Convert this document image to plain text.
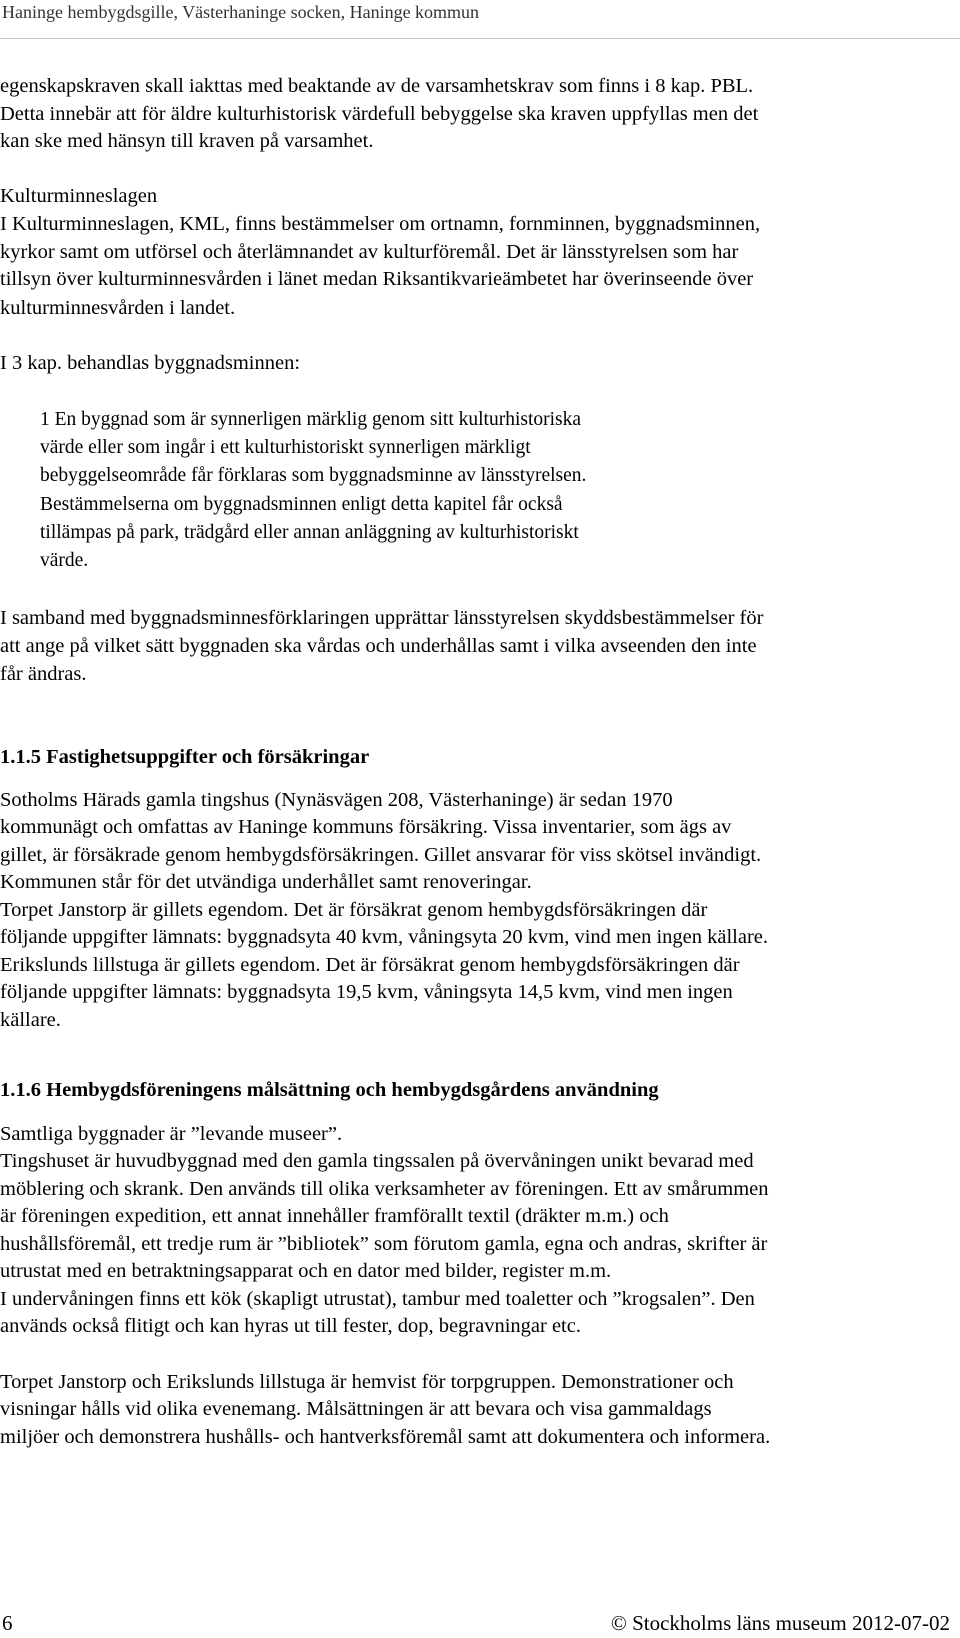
Haninge hembygdsgille, Västerhaninge socken, Haninge kommun
egenskapskraven skall iakttas med beaktande av de varsamhetskrav som finns i 8 kap. PBL.
Detta innebär att för äldre kulturhistorisk värdefull bebyggelse ska kraven uppfyllas men det
kan ske med hänsyn till kraven på varsamhet.
Kulturminneslagen
I Kulturminneslagen, KML, finns bestämmelser om ortnamn, fornminnen, byggnadsminnen,
kyrkor samt om utförsel och återlämnandet av kulturföremål. Det är länsstyrelsen som har
tillsyn över kulturminnesvården i länet medan Riksantikvarieämbetet har överinseende över
kulturminnesvården i landet.
I 3 kap. behandlas byggnadsminnen:
1 En byggnad som är synnerligen märklig genom sitt kulturhistoriska
värde eller som ingår i ett kulturhistoriskt synnerligen märkligt
bebyggelseområde får förklaras som byggnadsminne av länsstyrelsen.
Bestämmelserna om byggnadsminnen enligt detta kapitel får också
tillämpas på park, trädgård eller annan anläggning av kulturhistoriskt
värde.
I samband med byggnadsminnesförklaringen upprättar länsstyrelsen skyddsbestämmelser för
att ange på vilket sätt byggnaden ska vårdas och underhållas samt i vilka avseenden den inte
får ändras.
1.1.5 Fastighetsuppgifter och försäkringar
Sotholms Härads gamla tingshus (Nynäsvägen 208, Västerhaninge) är sedan 1970
kommunägt och omfattas av Haninge kommuns försäkring. Vissa inventarier, som ägs av
gillet, är försäkrade genom hembygdsförsäkringen. Gillet ansvarar för viss skötsel invändigt.
Kommunen står för det utvändiga underhållet samt renoveringar.
Torpet Janstorp är gillets egendom. Det är försäkrat genom hembygdsförsäkringen där
följande uppgifter lämnats: byggnadsyta 40 kvm, våningsyta 20 kvm, vind men ingen källare.
Erikslunds lillstuga är gillets egendom. Det är försäkrat genom hembygdsförsäkringen där
följande uppgifter lämnats: byggnadsyta 19,5 kvm, våningsyta 14,5 kvm, vind men ingen
källare.
1.1.6 Hembygdsföreningens målsättning och hembygdsgårdens användning
Samtliga byggnader är ”levande museer”.
Tingshuset är huvudbyggnad med den gamla tingssalen på övervåningen unikt bevarad med
möblering och skrank. Den används till olika verksamheter av föreningen. Ett av smårummen
är föreningen expedition, ett annat innehåller framförallt textil (dräkter m.m.) och
hushållsföremål, ett tredje rum är ”bibliotek” som förutom gamla, egna och andras, skrifter är
utrustat med en betraktningsapparat och en dator med bilder, register m.m.
I undervåningen finns ett kök (skapligt utrustat), tambur med toaletter och ”krogsalen”. Den
används också flitigt och kan hyras ut till fester, dop, begravningar etc.
Torpet Janstorp och Erikslunds lillstuga är hemvist för torpgruppen. Demonstrationer och
visningar hålls vid olika evenemang. Målsättningen är att bevara och visa gammaldags
miljöer och demonstrera hushålls- och hantverksföremål samt att dokumentera och informera.
6	© Stockholms läns museum 2012-07-02
